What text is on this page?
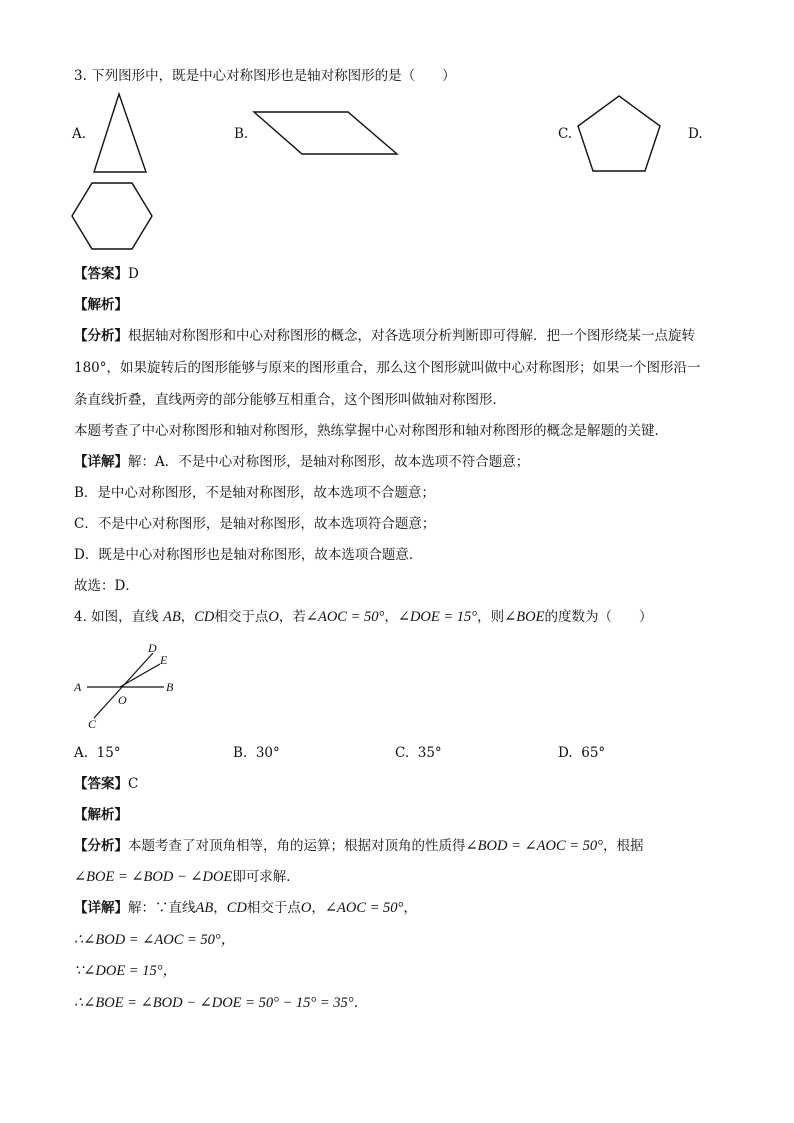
3. 下列图形中，既是中心对称图形也是轴对称图形的是（　　）
A.	B.	C.	D.
【答案】D
【解析】
【分析】根据轴对称图形和中心对称图形的概念，对各选项分析判断即可得解．把一个图形绕某一点旋转
180°，如果旋转后的图形能够与原来的图形重合，那么这个图形就叫做中心对称图形；如果一个图形沿一
条直线折叠，直线两旁的部分能够互相重合，这个图形叫做轴对称图形．
本题考查了中心对称图形和轴对称图形，熟练掌握中心对称图形和轴对称图形的概念是解题的关键．
【详解】解：A．不是中心对称图形，是轴对称图形，故本选项不符合题意；
B．是中心对称图形，不是轴对称图形，故本选项不合题意；
C．不是中心对称图形，是轴对称图形，故本选项符合题意；
D．既是中心对称图形也是轴对称图形，故本选项合题意．
故选：D．
4. 如图，直线 AB，CD相交于点O，若∠AOC = 50°，∠DOE = 15°，则∠BOE的度数为（　　）
A	B
C
D
E
O
A. 15°	B. 30°	C. 35°	D. 65°
【答案】C
【解析】
【分析】本题考查了对顶角相等，角的运算；根据对顶角的性质得∠BOD = ∠AOC = 50°，根据
∠BOE = ∠BOD − ∠DOE即可求解．
【详解】解：∵直线AB，CD相交于点O，∠AOC = 50°，
∴∠BOD = ∠AOC = 50°，
∵∠DOE = 15°，
∴∠BOE = ∠BOD − ∠DOE = 50° − 15° = 35°．
